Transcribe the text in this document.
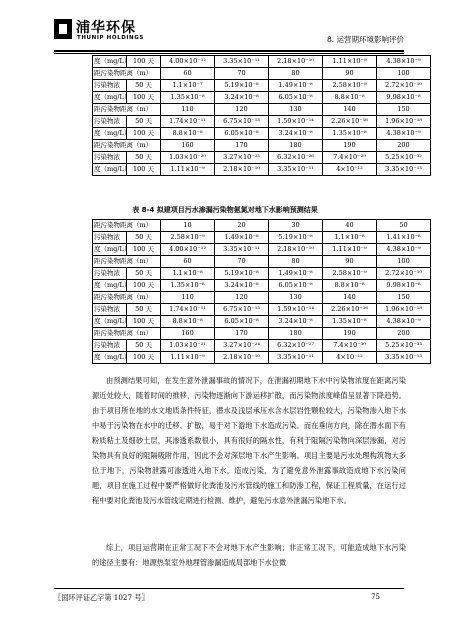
浦华环保
THUNIP HOLDINGS	8. 运营期环境影响评价
度（mg/L）	100 天	4.00×10⁻¹²	3.35×10⁻¹¹	2.18×10⁻¹⁰	1.11×10⁻⁹	4.38×10⁻⁹
距污染物距离（m）		60	70	80	90	100
污染物浓	50 天	1.1×10⁻⁷	5.19×10⁻⁸	1.49×10⁻⁸	2.58×10⁻⁹	2.72×10⁻¹⁰
度（mg/L）	100 天	1.35×10⁻⁸	3.24×10⁻⁸	6.05×10⁻⁸	8.8×10⁻⁸	9.98×10⁻⁸
距污染物距离（m）		110	120	130	140	150
污染物浓	50 天	1.74×10⁻¹¹	6.75×10⁻¹³	1.59×10⁻¹⁴	2.26×10⁻¹⁶	1.96×10⁻¹⁸
度（mg/L）	100 天	8.8×10⁻⁸	6.05×10⁻⁸	3.24×10⁻⁸	1.35×10⁻⁸	4.38×10⁻⁹
距污染物距离（m）		160	170	180	190	200
污染物浓	50 天	1.03×10⁻²⁰	3.27×10⁻²³	6.32×10⁻²⁶	7.4×10⁻²⁹	5.25×10⁻³²
度（mg/L）	100 天	1.11×10⁻⁹	2.18×10⁻¹⁰	3.35×10⁻¹¹	4×10⁻¹²	3.35×10⁻¹³
表 8-4 拟建项目污水渗漏污染物氨氮对地下水影响预测结果
距污染物距离（m）		10	20	30	40	50
污染物浓	50 天	2.58×10⁻⁹	1.49×10⁻⁸	5.19×10⁻⁸	1.1×10⁻⁸	1.41×10⁻⁸
度（mg/L）	100 天	4.00×10⁻¹²	3.35×10⁻¹¹	2.18×10⁻¹⁰	1.11×10⁻⁹	4.38×10⁻⁹
距污染物距离（m）		60	70	80	90	100
污染物浓	50 天	1.1×10⁻⁸	5.19×10⁻⁸	1.49×10⁻⁸	2.58×10⁻⁹	2.72×10⁻¹⁰
度（mg/L）	100 天	1.35×10⁻⁸	3.24×10⁻⁸	6.05×10⁻⁸	8.8×10⁻⁸	9.98×10⁻⁸
距污染物距离（m）		110	120	130	140	150
污染物浓	50 天	1.74×10⁻¹¹	6.75×10⁻¹³	1.59×10⁻¹⁴	2.26×10⁻¹⁶	1.96×10⁻¹⁸
度（mg/L）	100 天	8.8×10⁻⁸	6.05×10⁻⁸	3.24×10⁻⁸	1.35×10⁻⁸	4.38×10⁻⁹
距污染物距离（m）		160	170	180	190	200
污染物浓	50 天	1.03×10⁻²¹	3.27×10⁻²⁴	6.32×10⁻²⁷	7.4×10⁻³⁰	5.25×10⁻³³
度（mg/L）	100 天	1.11×10⁻⁹	2.18×10⁻¹⁰	3.35×10⁻¹¹	4×10⁻¹²	3.35×10⁻¹³

由预测结果可知，在发生意外泄漏事故的情况下，在泄漏初期地下水中污染物浓度在距离污染源近处较大，随着时间的推移，污染物逐渐向下游运移扩散，而污染物浓度峰值呈显著下降趋势。由于项目所在地的水文地质条件特征，潜水及浅层承压水含水层岩性颗粒较大，污染物渗入地下水中易于污染物在水中的迁移、扩散，易于对下游地下水造成污染。而在垂向方向，除在潜水面下有粉质粘土及细砂土层，其渗透系数很小，具有很好的隔水性，有利于阻隔污染物向深层渗漏，对污染物具有良好的阻隔吸附作用，因此不会对深层地下水产生影响。项目主要是污水处理构筑物大多位于地下，污染物泄露可渗透进入地下水，造成污染，为了避免意外泄露事故造成地下水污染问题，项目在施工过程中要严格做好化粪池及污水管线的施工和防渗工程，保证工程质量，在运行过程中要对化粪池及污水管线定期进行检测、维护，避免污水意外泄漏污染地下水。

综上，项目运营期在正常工况下不会对地下水产生影响；非正常工况下，可能造成地下水污染的途径主要有：地源热泵室外地埋管渗漏造成局部地下水位微

〖国环评证乙字第 1027 号〗	75
